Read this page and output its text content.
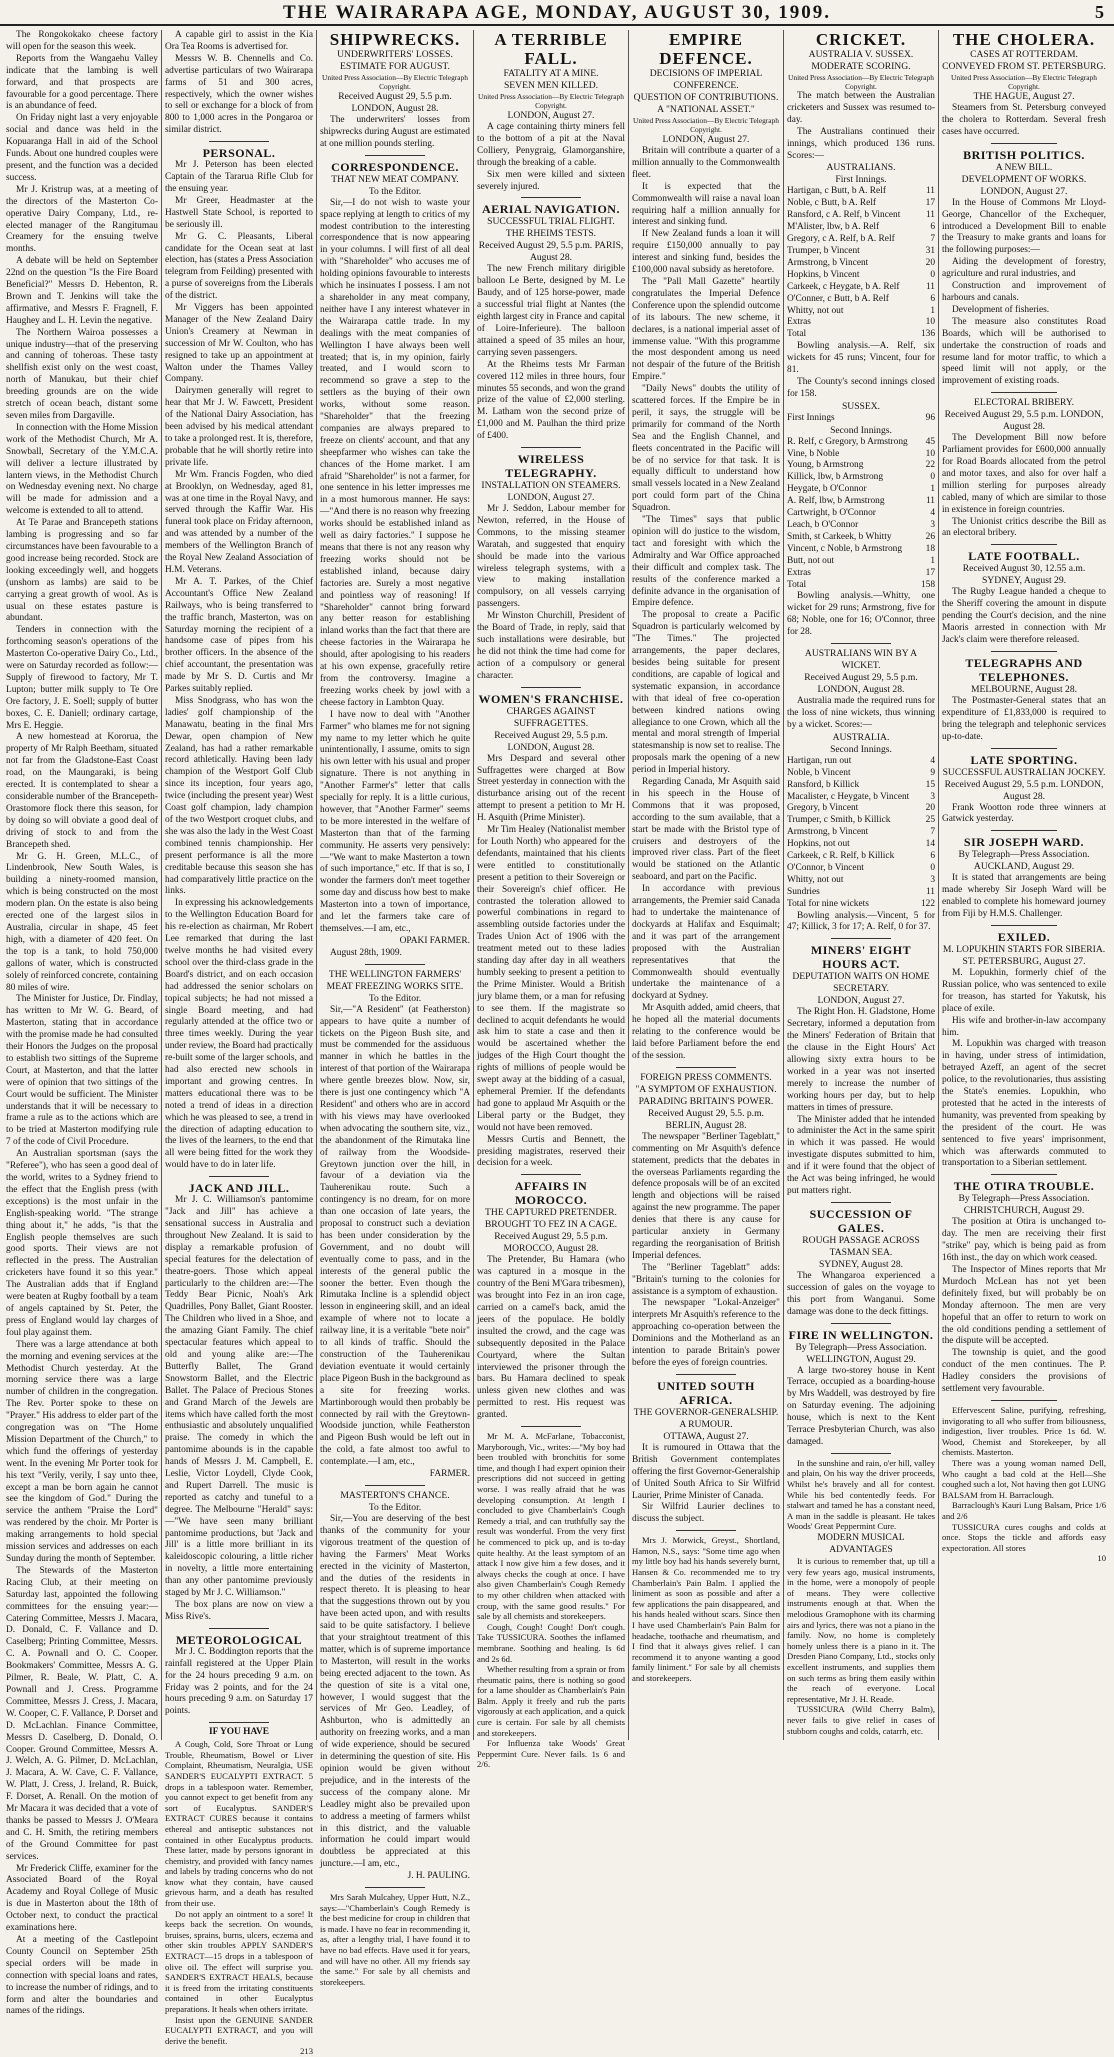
THE WAIRARAPA AGE, MONDAY, AUGUST 30, 1909.	5

The Rongokokako cheese factory will open for the season this week.

Reports from the Wangaehu Valley indicate that the lambing is well forward, and that prospects are favourable for a good percentage. There is an abundance of feed.

On Friday night last a very enjoyable social and dance was held in the Kopuaranga Hall in aid of the School Funds. About one hundred couples were present, and the function was a decided success.

Mr J. Kristrup was, at a meeting of the directors of the Masterton Co-operative Dairy Company, Ltd., re-elected manager of the Rangitumau Creamery for the ensuing twelve months.

A debate will be held on September 22nd on the question "Is the Fire Board Beneficial?" Messrs D. Hebenton, R. Brown and T. Jenkins will take the affirmative, and Messrs F. Fragnell, F. Haughey and L. H. Levin the negative.

The Northern Wairoa possesses a unique industry—that of the preserving and canning of toheroas. These tasty shellfish exist only on the west coast, north of Manukau, but their chief breeding grounds are on the wide stretch of ocean beach, distant some seven miles from Dargaville.

In connection with the Home Mission work of the Methodist Church, Mr A. Snowball, Secretary of the Y.M.C.A. will deliver a lecture illustrated by lantern views, in the Methodist Church on Wednesday evening next. No charge will be made for admission and a welcome is extended to all to attend.

At Te Parae and Brancepeth stations lambing is progressing and so far circumstances have been favourable to a good increase being recorded. Stock are looking exceedingly well, and hoggets (unshorn as lambs) are said to be carrying a great growth of wool. As is usual on these estates pasture is abundant.

Tenders in connection with the forthcoming season's operations of the Masterton Co-operative Dairy Co., Ltd., were on Saturday recorded as follow:—Supply of firewood to factory, Mr T. Lupton; butter milk supply to Te Ore Ore factory, J. E. Soell; supply of butter boxes, C. E. Daniell; ordinary cartage, Mrs E. Heggie.

A new homestead at Kororua, the property of Mr Ralph Beetham, situated not far from the Gladstone-East Coast road, on the Maungaraki, is being erected. It is contemplated to shear a considerable number of the Brancepeth-Orastomore flock there this season, for by doing so will obviate a good deal of driving of stock to and from the Brancepeth shed.

Mr G. H. Green, M.L.C., of Lindenbrook, New South Wales, is building a ninety-roomed mansion, which is being constructed on the most modern plan. On the estate is also being erected one of the largest silos in Australia, circular in shape, 45 feet high, with a diameter of 420 feet. On the top is a tank, to hold 750,000 gallons of water, which is constructed solely of reinforced concrete, containing 80 miles of wire.

The Minister for Justice, Dr. Findlay, has written to Mr W. G. Beard, of Masterton, stating that in accordance with the promise made he had consulted their Honors the Judges on the proposal to establish two sittings of the Supreme Court, at Masterton, and that the latter were of opinion that two sittings of the Court would be sufficient. The Minister understands that it will be necessary to frame a rule as to the actions which are to be tried at Masterton modifying rule 7 of the code of Civil Procedure.

An Australian sportsman (says the "Referee"), who has seen a good deal of the world, writes to a Sydney friend to the effect that the English press (with exceptions) is the most unfair in the English-speaking world. "The strange thing about it," he adds, "is that the English people themselves are such good sports. Their views are not reflected in the press. The Australian cricketers have found it so this year." The Australian adds that if England were beaten at Rugby football by a team of angels captained by St. Peter, the press of England would lay charges of foul play against them.

There was a large attendance at both the morning and evening services at the Methodist Church yesterday. At the morning service there was a large number of children in the congregation. The Rev. Porter spoke to these on "Prayer." His address to elder part of the congregation was on "The Home Mission Department of the Church," to which fund the offerings of yesterday went. In the evening Mr Porter took for his text "Verily, verily, I say unto thee, except a man be born again he cannot see the kingdom of God." During the service the anthem "Praise the Lord" was rendered by the choir. Mr Porter is making arrangements to hold special mission services and addresses on each Sunday during the month of September.

The Stewards of the Masterton Racing Club, at their meeting on Saturday last, appointed the following committees for the ensuing year:—Catering Committee, Messrs J. Macara, D. Donald, C. F. Vallance and D. Caselberg; Printing Committee, Messrs. C. A. Pownall and O. C. Cooper. Bookmakers' Committee, Messrs A. G. Pilmer, R. Beale, W. Platt, C. A. Pownall and J. Cress. Programme Committee, Messrs J. Cress, J. Macara, W. Cooper, C. F. Vallance, P. Dorset and D. McLachlan. Finance Committee, Messrs D. Caselberg, D. Donald, O. Cooper. Ground Committee, Messrs A. J. Welch, A. G. Pilmer, D. McLachlan, J. Macara, A. W. Cave, C. F. Vallance, W. Platt, J. Cress, J. Ireland, R. Buick, F. Dorset, A. Renall. On the motion of Mr Macara it was decided that a vote of thanks be passed to Messrs J. O'Meara and C. H. Smith, the retiring members of the Ground Committee for past services.

Mr Frederick Cliffe, examiner for the Associated Board of the Royal Academy and Royal College of Music is due in Masterton about the 18th of October next, to conduct the practical examinations here.

At a meeting of the Castlepoint County Council on September 25th special orders will be made in connection with special loans and rates, to increase the number of ridings, and to form and alter the boundaries and names of the ridings.

A capable girl to assist in the Kia Ora Tea Rooms is advertised for.

Messrs W. B. Chennells and Co. advertise particulars of two Wairarapa farms of 51 and 300 acres, respectively, which the owner wishes to sell or exchange for a block of from 800 to 1,000 acres in the Pongaroa or similar district.

PERSONAL.

Mr J. Peterson has been elected Captain of the Tararua Rifle Club for the ensuing year.

Mr Greer, Headmaster at the Hastwell State School, is reported to be seriously ill.

Mr G. C. Pleasants, Liberal candidate for the Ocean seat at last election, has (states a Press Association telegram from Feilding) presented with a purse of sovereigns from the Liberals of the district.

Mr Viggers has been appointed Manager of the New Zealand Dairy Union's Creamery at Newman in succession of Mr W. Coulton, who has resigned to take up an appointment at Walton under the Thames Valley Company.

Dairymen generally will regret to hear that Mr J. W. Fawcett, President of the National Dairy Association, has been advised by his medical attendant to take a prolonged rest. It is, therefore, probable that he will shortly retire into private life.

Mr Wm. Francis Fogden, who died at Brooklyn, on Wednesday, aged 81, was at one time in the Royal Navy, and served through the Kaffir War. His funeral took place on Friday afternoon, and was attended by a number of the members of the Wellington Branch of the Royal New Zealand Association of H.M. Veterans.

Mr A. T. Parkes, of the Chief Accountant's Office New Zealand Railways, who is being transferred to the traffic branch, Masterton, was on Saturday morning the recipient of a handsome case of pipes from his brother officers. In the absence of the chief accountant, the presentation was made by Mr S. D. Curtis and Mr Parkes suitably replied.

Miss Snodgrass, who has won the ladies' golf championship of the Manawatu, beating in the final Mrs Dewar, open champion of New Zealand, has had a rather remarkable record athletically. Having been lady champion of the Westport Golf Club since its inception, four years ago, twice (including the present year) West Coast golf champion, lady champion of the two Westport croquet clubs, and she was also the lady in the West Coast combined tennis championship. Her present performance is all the more creditable because this season she has had comparatively little practice on the links.

In expressing his acknowledgements to the Wellington Education Board for his re-election as chairman, Mr Robert Lee remarked that during the last twelve months he had visited every school over the third-class grade in the Board's district, and on each occasion had addressed the senior scholars on topical subjects; he had not missed a single Board meeting, and had regularly attended at the office two or three times weekly. During the year under review, the Board had practically re-built some of the larger schools, and had also erected new schools in important and growing centres. In matters educational there was to be noted a trend of ideas in a direction which he was pleased to see, a trend in the direction of adapting education to the lives of the learners, to the end that all were being fitted for the work they would have to do in later life.

JACK AND JILL.

Mr J. C. Williamson's pantomime "Jack and Jill" has achieve a sensational success in Australia and throughout New Zealand. It is said to display a remarkable profusion of special features for the delectation of theatre-goers. Those which appeal particularly to the children are:—The Teddy Bear Picnic, Noah's Ark Quadrilles, Pony Ballet, Giant Rooster. The Children who lived in a Shoe, and the amazing Giant Family. The chief spectacular features which appeal to old and young alike are:—The Butterfly Ballet, The Grand Snowstorm Ballet, and the Electric Ballet. The Palace of Precious Stones and Grand March of the Jewels are items which have called forth the most enthusiastic and absolutely unqualified praise. The comedy in which the pantomime abounds is in the capable hands of Messrs J. M. Campbell, E. Leslie, Victor Loydell, Clyde Cook, and Rupert Darrell. The music is reported as catchy and tuneful to a degree. The Melbourne "Herald" says:—"We have seen many brilliant pantomime productions, but 'Jack and Jill' is a little more brilliant in its kaleidoscopic colouring, a little richer in novelty, a little more entertaining than any other pantomime previously staged by Mr J. C. Williamson."

The box plans are now on view a Miss Rive's.

METEOROLOGICAL

Mr J. C. Boddington reports that the rainfall registered at the Upper Plain for the 24 hours preceding 9 a.m. on Friday was 2 points, and for the 24 hours preceding 9 a.m. on Saturday 17 points.

IF YOU HAVE

A Cough, Cold, Sore Throat or Lung Trouble, Rheumatism, Bowel or Liver Complaint, Rheumatism, Neuralgia, USE SANDER'S EUCALYPTI EXTRACT. 5 drops in a tablespoon water. Remember, you cannot expect to get benefit from any sort of Eucalyptus. SANDER'S EXTRACT CURES because it contains ethereal and antiseptic substances not contained in other Eucalyptus products. These latter, made by persons ignorant in chemistry, and provided with fancy names and labels by trading concerns who do not know what they contain, have caused grievous harm, and a death has resulted from their use.

Do not apply an ointment to a sore! It keeps back the secretion. On wounds, bruises, sprains, burns, ulcers, eczema and other skin troubles APPLY SANDER'S EXTRACT—15 drops in a tablespoon of olive oil. The effect will surprise you. SANDER'S EXTRACT HEALS, because it is freed from the irritating constituents contained in other Eucalyptus preparations. It heals when others irritate.

Insist upon the GENUINE SANDER EUCALYPTI EXTRACT, and you will derive the benefit.

213

SHIPWRECKS.

UNDERWRITERS' LOSSES.

ESTIMATE FOR AUGUST.

United Press Association—By Electric Telegraph Copyright.

Received August 29, 5.5 p.m. LONDON, August 28.

The underwriters' losses from shipwrecks during August are estimated at one million pounds sterling.

CORRESPONDENCE.

THAT NEW MEAT COMPANY.

To the Editor.

Sir,—I do not wish to waste your space replying at length to critics of my modest contribution to the interesting correspondence that is now appearing in your columns. I will first of all deal with "Shareholder" who accuses me of holding opinions favourable to interests which he insinuates I possess. I am not a shareholder in any meat company, neither have I any interest whatever in the Wairarapa cattle trade. In my dealings with the meat companies of Wellington I have always been well treated; that is, in my opinion, fairly treated, and I would scorn to recommend so grave a step to the settlers as the buying of their own works, without some reason. "Shareholder" that the freezing companies are always prepared to freeze on clients' account, and that any sheepfarmer who wishes can take the chances of the Home market. I am afraid "Shareholder" is not a farmer, for one sentence in his letter impresses me in a most humorous manner. He says:—"And there is no reason why freezing works should be established inland as well as dairy factories." I suppose he means that there is not any reason why freezing works should not be established inland, because dairy factories are. Surely a most negative and pointless way of reasoning! If "Shareholder" cannot bring forward any better reason for establishing inland works than the fact that there are cheese factories in the Wairarapa he should, after apologising to his readers at his own expense, gracefully retire from the controversy. Imagine a freezing works cheek by jowl with a cheese factory in Lambton Quay.

I have now to deal with "Another Farmer" who blames me for not signing my name to my letter which he quite unintentionally, I assume, omits to sign his own letter with his usual and proper signature. There is not anything in "Another Farmer's" letter that calls specially for reply. It is a little curious, however, that "Another Farmer" seems to be more interested in the welfare of Masterton than that of the farming community. He asserts very pensively:—"We want to make Masterton a town of such importance," etc. If that is so, I wonder the farmers don't meet together some day and discuss how best to make Masterton into a town of importance, and let the farmers take care of themselves.—I am, etc.,

OPAKI FARMER.

August 28th, 1909.

THE WELLINGTON FARMERS' MEAT FREEZING WORKS SITE.

To the Editor.

Sir,—"A Resident" (at Featherston) appears to have quite a number of tickets on the Pigeon Bush site, and must be commended for the assiduous manner in which he battles in the interest of that portion of the Wairarapa where gentle breezes blow. Now, sir, there is just one contingency which "A Resident" and others who are in accord with his views may have overlooked when advocating the southern site, viz., the abandonment of the Rimutaka line of railway from the Woodside-Greytown junction over the hill, in favour of a deviation via the Tauherenikau route. Such a contingency is no dream, for on more than one occasion of late years, the proposal to construct such a deviation has been under consideration by the Government, and no doubt will eventually come to pass, and in the interests of the general public the sooner the better. Even though the Rimutaka Incline is a splendid object lesson in engineering skill, and an ideal example of where not to locate a railway line, it is a veritable "bete noir" to all kinds of traffic. Should the construction of the Tauherenikau deviation eventuate it would certainly place Pigeon Bush in the background as a site for freezing works. Martinborough would then probably be connected by rail with the Greytown-Woodside junction, while Featherston and Pigeon Bush would be left out in the cold, a fate almost too awful to contemplate.—I am, etc.,

FARMER.

MASTERTON'S CHANCE.

To the Editor.

Sir,—You are deserving of the best thanks of the community for your vigorous treatment of the question of having the Farmers' Meat Works erected in the vicinity of Masterton, and the duties of the residents in respect thereto. It is pleasing to hear that the suggestions thrown out by you have been acted upon, and with results said to be quite satisfactory. I believe that your straightout treatment of this matter, which is of supreme importance to Masterton, will result in the works being erected adjacent to the town. As the question of site is a vital one, however, I would suggest that the services of Mr Geo. Leadley, of Ashburton, who is admittedly an authority on freezing works, and a man of wide experience, should be secured in determining the question of site. His opinion would be given without prejudice, and in the interests of the success of the company alone. Mr Leadley might also be prevailed upon to address a meeting of farmers whilst in this district, and the valuable information he could impart would doubtless be appreciated at this juncture.—I am, etc.,

J. H. PAULING.

Mrs Sarah Mulcahey, Upper Hutt, N.Z., says:—"Chamberlain's Cough Remedy is the best medicine for croup in children that is made. I have no fear in recommending it, as, after a lengthy trial, I have found it to have no bad effects. Have used it for years, and will have no other. All my friends say the same." For sale by all chemists and storekeepers.

A TERRIBLE FALL.

FATALITY AT A MINE.

SEVEN MEN KILLED.

United Press Association—By Electric Telegraph Copyright.

LONDON, August 27.

A cage containing thirty miners fell to the bottom of a pit at the Naval Colliery, Penygraig, Glamorganshire, through the breaking of a cable.

Six men were killed and sixteen severely injured.

AERIAL NAVIGATION.

SUCCESSFUL TRIAL FLIGHT.

THE RHEIMS TESTS.

Received August 29, 5.5 p.m. PARIS, August 28.

The new French military dirigible balloon Le Berte, designed by M. Le Baudy, and of 125 horse-power, made a successful trial flight at Nantes (the eighth largest city in France and capital of Loire-Inferieure). The balloon attained a speed of 35 miles an hour, carrying seven passengers.

At the Rheims tests Mr Farman covered 112 miles in three hours, four minutes 55 seconds, and won the grand prize of the value of £2,000 sterling. M. Latham won the second prize of £1,000 and M. Paulhan the third prize of £400.

WIRELESS TELEGRAPHY.

INSTALLATION ON STEAMERS.

LONDON, August 27.

Mr J. Seddon, Labour member for Newton, referred, in the House of Commons, to the missing steamer Waratah, and suggested that enquiry should be made into the various wireless telegraph systems, with a view to making installation compulsory, on all vessels carrying passengers.

Mr Winston Churchill, President of the Board of Trade, in reply, said that such installations were desirable, but he did not think the time had come for action of a compulsory or general character.

WOMEN'S FRANCHISE.

CHARGES AGAINST SUFFRAGETTES.

Received August 29, 5.5 p.m. LONDON, August 28.

Mrs Despard and several other Suffragettes were charged at Bow Street yesterday in connection with the disturbance arising out of the recent attempt to present a petition to Mr H. H. Asquith (Prime Minister).

Mr Tim Healey (Nationalist member for Louth North) who appeared for the defendants, maintained that his clients were entitled to constitutionally present a petition to their Sovereign or their Sovereign's chief officer. He contrasted the toleration allowed to powerful combinations in regard to assembling outside factories under the Trades Union Act of 1906 with the treatment meted out to these ladies standing day after day in all weathers humbly seeking to present a petition to the Prime Minister. Would a British jury blame them, or a man for refusing to see them. If the magistrate so declined to acquit defendants he would ask him to state a case and then it would be ascertained whether the judges of the High Court thought the rights of millions of people would be swept away at the bidding of a casual, ephemeral Premier. If the defendants had gone to applaud Mr Asquith or the Liberal party or the Budget, they would not have been removed.

Messrs Curtis and Bennett, the presiding magistrates, reserved their decision for a week.

AFFAIRS IN MOROCCO.

THE CAPTURED PRETENDER.

BROUGHT TO FEZ IN A CAGE.

Received August 29, 5.5 p.m. MOROCCO, August 28.

The Pretender, Bu Hamara (who was captured in a mosque in the country of the Beni M'Gara tribesmen), was brought into Fez in an iron cage, carried on a camel's back, amid the jeers of the populace. He boldly insulted the crowd, and the cage was subsequently deposited in the Palace Courtyard, where the Sultan interviewed the prisoner through the bars. Bu Hamara declined to speak unless given new clothes and was permitted to rest. His request was granted.

Mr M. A. McFarlane, Tobacconist, Maryborough, Vic., writes:—"My boy had been troubled with bronchitis for some time, and though I had expert opinion their prescriptions did not succeed in getting worse. I was really afraid that he was developing consumption. At length I concluded to give Chamberlain's Cough Remedy a trial, and can truthfully say the result was wonderful. From the very first he commenced to pick up, and is to-day quite healthy. At the least symptom of an attack I now give him a few doses, and it always checks the cough at once. I have also given Chamberlain's Cough Remedy to my other children when attacked with croup, with the same good results." For sale by all chemists and storekeepers.

Cough, Cough! Cough! Don't cough. Take TUSSICURA. Soothes the inflamed membrane. Soothing and healing. Is 6d and 2s 6d.

Whether resulting from a sprain or from rheumatic pains, there is nothing so good for a lame shoulder as Chamberlain's Pain Balm. Apply it freely and rub the parts vigorously at each application, and a quick cure is certain. For sale by all chemists and storekeepers.

For Influenza take Woods' Great Peppermint Cure. Never fails. 1s 6 and 2/6.

EMPIRE DEFENCE.

DECISIONS OF IMPERIAL CONFERENCE.

QUESTION OF CONTRIBUTIONS.

A "NATIONAL ASSET."

United Press Association—By Electric Telegraph Copyright.

LONDON, August 27.

Britain will contribute a quarter of a million annually to the Commonwealth fleet.

It is expected that the Commonwealth will raise a naval loan requiring half a million annually for interest and sinking fund.

If New Zealand funds a loan it will require £150,000 annually to pay interest and sinking fund, besides the £100,000 naval subsidy as heretofore.

The "Pall Mall Gazette" heartily congratulates the Imperial Defence Conference upon the splendid outcome of its labours. The new scheme, it declares, is a national imperial asset of immense value. "With this programme the most despondent among us need not despair of the future of the British Empire."

"Daily News" doubts the utility of scattered forces. If the Empire be in peril, it says, the struggle will be primarily for command of the North Sea and the English Channel, and fleets concentrated in the Pacific will be of no service for that task. It is equally difficult to understand how small vessels located in a New Zealand port could form part of the China Squadron.

"The Times" says that public opinion will do justice to the wisdom, tact and foresight with which the Admiralty and War Office approached their difficult and complex task. The results of the conference marked a definite advance in the organisation of Empire defence.

The proposal to create a Pacific Squadron is particularly welcomed by "The Times." The projected arrangements, the paper declares, besides being suitable for present conditions, are capable of logical and systematic expansion, in accordance with that ideal of free co-operation between kindred nations owing allegiance to one Crown, which all the mental and moral strength of Imperial statesmanship is now set to realise. The proposals mark the opening of a new period in Imperial history.

Regarding Canada, Mr Asquith said in his speech in the House of Commons that it was proposed, according to the sum available, that a start be made with the Bristol type of cruisers and destroyers of the improved river class. Part of the fleet would be stationed on the Atlantic seaboard, and part on the Pacific.

In accordance with previous arrangements, the Premier said Canada had to undertake the maintenance of dockyards at Halifax and Esquimalt; and it was part of the arrangement proposed with the Australian representatives that the Commonwealth should eventually undertake the maintenance of a dockyard at Sydney.

Mr Asquith added, amid cheers, that he hoped all the material documents relating to the conference would be laid before Parliament before the end of the session.

FOREIGN PRESS COMMENTS.

"A SYMPTOM OF EXHAUSTION.

PARADING BRITAIN'S POWER.

Received August 29, 5.5. p.m. BERLIN, August 28.

The newspaper "Berliner Tageblatt," commenting on Mr Asquith's defence statement, predicts that the debates in the overseas Parliaments regarding the defence proposals will be of an excited length and objections will be raised against the new programme. The paper denies that there is any cause for particular anxiety in Germany regarding the reorganisation of British Imperial defences.

The "Berliner Tageblatt" adds: "Britain's turning to the colonies for assistance is a symptom of exhaustion.

The newspaper "Lokal-Anzeiger" interprets Mr Asquith's reference to the approaching co-operation between the Dominions and the Motherland as an intention to parade Britain's power before the eyes of foreign countries.

UNITED SOUTH AFRICA.

THE GOVERNOR-GENERALSHIP.

A RUMOUR.

OTTAWA, August 27.

It is rumoured in Ottawa that the British Government contemplates offering the first Governor-Generalship of United South Africa to Sir Wilfrid Laurier, Prime Minister of Canada.

Sir Wilfrid Laurier declines to discuss the subject.

Mrs J. Morwick, Greyst., Shortland, Hamon, N.S., says: "Some time ago when my little boy had his hands severely burnt, Hansen & Co. recommended me to try Chamberlain's Pain Balm. I applied the liniment as soon as possible and after a few applications the pain disappeared, and his hands healed without scars. Since then I have used Chamberlain's Pain Balm for headache, toothache and rheumatism, and I find that it always gives relief. I can recommend it to anyone wanting a good family liniment." For sale by all chemists and storekeepers.

CRICKET.

AUSTRALIA V. SUSSEX.

MODERATE SCORING.

United Press Association—By Electric Telegraph Copyright.

The match between the Australian cricketers and Sussex was resumed to-day.

The Australians continued their innings, which produced 136 runs. Scores:—

AUSTRALIANS.

First Innings.

Hartigan, c Butt, b A. Relf	11
Noble, c Butt, b A. Relf	17
Ransford, c A. Relf, b Vincent	11
M'Alister, lbw, b A. Relf	6
Gregory, c A. Relf, b A. Relf	7
Trumper, b Vincent	31
Armstrong, b Vincent	20
Hopkins, b Vincent	0
Carkeek, c Heygate, b A. Relf	11
O'Conner, c Butt, b A. Relf	6
Whitty, not out	1
Extras	10
Total	136

Bowling analysis.—A. Relf, six wickets for 45 runs; Vincent, four for 81.

The County's second innings closed for 158.

SUSSEX.

First Innings	96

Second Innings.

R. Relf, c Gregory, b Armstrong 45
Vine, b Noble	10
Young, b Armstrong	22
Killick, lbw, b Armstrong	0
Heygate, b O'Connor	1
A. Relf, lbw, b Armstrong	11
Cartwright, b O'Connor	4
Leach, b O'Connor	3
Smith, st Carkeek, b Whitty	26
Vincent, c Noble, b Armstrong	18
Butt, not out	1
Extras	17
Total	158

Bowling analysis.—Whitty, one wicket for 29 runs; Armstrong, five for 68; Noble, one for 16; O'Connor, three for 28.

AUSTRALIANS WIN BY A WICKET.

Received August 29, 5.5 p.m. LONDON, August 28.

Australia made the required runs for the loss of nine wickets, thus winning by a wicket. Scores:—

AUSTRALIA.

Second Innings.

Hartigan, run out	4
Noble, b Vincent	9
Ransford, b Killick	15
Macalister, c Heygate, b Vincent 3
Gregory, b Vincent	20
Trumper, c Smith, b Killick	25
Armstrong, b Vincent	7
Hopkins, not out	14
Carkeek, c R. Relf, b Killick	6
O'Connor, b Vincent	0
Whitty, not out	3
Sundries	11
Total for nine wickets	122

Bowling analysis.—Vincent, 5 for 47; Killick, 3 for 17; A. Relf, 0 for 37.

MINERS' EIGHT HOURS ACT.

DEPUTATION WAITS ON HOME SECRETARY.

LONDON, August 27.

The Right Hon. H. Gladstone, Home Secretary, informed a deputation from the Miners' Federation of Britain that the clause in the Eight Hours' Act allowing sixty extra hours to be worked in a year was not inserted merely to increase the number of working hours per day, but to help matters in times of pressure.

The Minister added that he intended to administer the Act in the same spirit in which it was passed. He would investigate disputes submitted to him, and if it were found that the object of the Act was being infringed, he would put matters right.

SUCCESSION OF GALES.

ROUGH PASSAGE ACROSS TASMAN SEA.

SYDNEY, August 28.

The Whangaroa experienced a succession of gales on the voyage to this port from Wanganui. Some damage was done to the deck fittings.

FIRE IN WELLINGTON.

By Telegraph—Press Association. WELLINGTON, August 29.

A large two-storey house in Kent Terrace, occupied as a boarding-house by Mrs Waddell, was destroyed by fire on Saturday evening. The adjoining house, which is next to the Kent Terrace Presbyterian Church, was also damaged.

In the sunshine and rain, o'er hill, valley and plain, On his way the driver proceeds, Whilst he's bravely and all for contest. While his bed contentedly feeds. For stalwart and tamed he has a constant need, A man in the saddle is pleasant. He takes Woods' Great Peppermint Cure.

MODERN MUSICAL ADVANTAGES

It is curious to remember that, up till a very few years ago, musical instruments, in the home, were a monopoly of people of means. They were collective instruments enough at that. When the melodious Gramophone with its charming airs and lyrics, there was not a piano in the family. Now, no home is completely homely unless there is a piano in it. The Dresden Piano Company, Ltd., stocks only excellent instruments, and supplies them on such terms as bring them easily within the reach of everyone. Local representative, Mr J. H. Reade.

TUSSICURA (Wild Cherry Balm), never fails to give relief in cases of stubborn coughs and colds, catarrh, etc.

THE CHOLERA.

CASES AT ROTTERDAM.

CONVEYED FROM ST. PETERSBURG.

United Press Association—By Electric Telegraph Copyright.

THE HAGUE, August 27.

Steamers from St. Petersburg conveyed the cholera to Rotterdam. Several fresh cases have occurred.

BRITISH POLITICS.

A NEW BILL.

DEVELOPMENT OF WORKS.

LONDON, August 27.

In the House of Commons Mr Lloyd-George, Chancellor of the Exchequer, introduced a Development Bill to enable the Treasury to make grants and loans for the following purposes:—

Aiding the development of forestry, agriculture and rural industries, and

Construction and improvement of harbours and canals.

Development of fisheries.

The measure also constitutes Road Boards, which will be authorised to undertake the construction of roads and resume land for motor traffic, to which a speed limit will not apply, or the improvement of existing roads.

ELECTORAL BRIBERY.

Received August 29, 5.5 p.m. LONDON, August 28.

The Development Bill now before Parliament provides for £600,000 annually for Road Boards allocated from the petrol and motor taxes, and also for over half a million sterling for purposes already cabled, many of which are similar to those in existence in foreign countries.

The Unionist critics describe the Bill as an electoral bribery.

LATE FOOTBALL.

Received August 30, 12.55 a.m. SYDNEY, August 29.

The Rugby League handed a cheque to the Sheriff covering the amount in dispute pending the Court's decision, and the nine Maoris arrested in connection with Mr Jack's claim were therefore released.

TELEGRAPHS AND TELEPHONES.

MELBOURNE, August 28.

The Postmaster-General states that an expenditure of £1,833,000 is required to bring the telegraph and telephonic services up-to-date.

LATE SPORTING.

SUCCESSFUL AUSTRALIAN JOCKEY.

Received August 29, 5.5 p.m. LONDON, August 28.

Frank Wootton rode three winners at Gatwick yesterday.

SIR JOSEPH WARD.

By Telegraph—Press Association. AUCKLAND, August 29.

It is stated that arrangements are being made whereby Sir Joseph Ward will be enabled to complete his homeward journey from Fiji by H.M.S. Challenger.

EXILED.

M. LOPUKHIN STARTS FOR SIBERIA.

ST. PETERSBURG, August 27.

M. Lopukhin, formerly chief of the Russian police, who was sentenced to exile for treason, has started for Yakutsk, his place of exile.

His wife and brother-in-law accompany him.

M. Lopukhin was charged with treason in having, under stress of intimidation, betrayed Azeff, an agent of the secret police, to the revolutionaries, thus assisting the State's enemies. Lopukhin, who protested that he acted in the interests of humanity, was prevented from speaking by the president of the court. He was sentenced to five years' imprisonment, which was afterwards commuted to transportation to a Siberian settlement.

THE OTIRA TROUBLE.

By Telegraph—Press Association. CHRISTCHURCH, August 29.

The position at Otira is unchanged to-day. The men are receiving their first "strike" pay, which is being paid as from 16th inst., the day on which work ceased.

The Inspector of Mines reports that Mr Murdoch McLean has not yet been definitely fixed, but will probably be on Monday afternoon. The men are very hopeful that an offer to return to work on the old conditions pending a settlement of the dispute will be accepted.

The township is quiet, and the good conduct of the men continues. The P. Hadley considers the provisions of settlement very favourable.

Effervescent Saline, purifying, refreshing, invigorating to all who suffer from biliousness, indigestion, liver troubles. Price 1s 6d. W. Wood, Chemist and Storekeeper, by all chemists. Masterton.

There was a young woman named Dell, Who caught a bad cold at the Hell—She coughed such a lot, Not having then got LUNG BALSAM from H. Barraclough.

Barraclough's Kauri Lung Balsam, Price 1/6 and 2/6

TUSSICURA cures coughs and colds at once. Stops the tickle and affords easy expectoration. All stores

10
